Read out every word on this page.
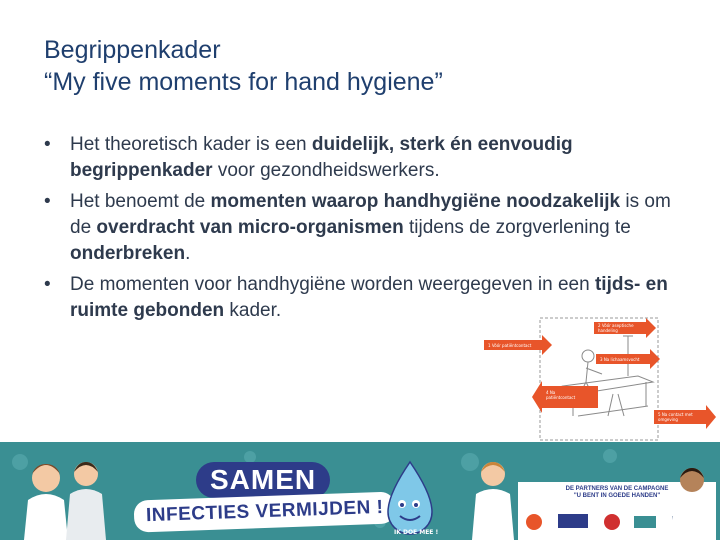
Begrippenkader
“My five moments for hand hygiene”
• Het theoretisch kader is een duidelijk, sterk én eenvoudig begrippenkader voor gezondheidswerkers.
• Het benoemt de momenten waarop handhygiëne noodzakelijk is om de overdracht van micro-organismen tijdens de zorgverlening te onderbreken.
• De momenten voor handhygiëne worden weergegeven in een tijds- en ruimte gebonden kader.
1 Vóór patiëntcontact
2 Vóór aseptische
handeling
3 Na lichaamsvocht
4 Na
patiëntcontact
5 Na contact met
omgeving
SAMEN
INFECTIES VERMIJDEN !
IK DOE MEE !
DE PARTNERS VAN DE CAMPAGNE
"U BENT IN GOEDE HANDEN"
